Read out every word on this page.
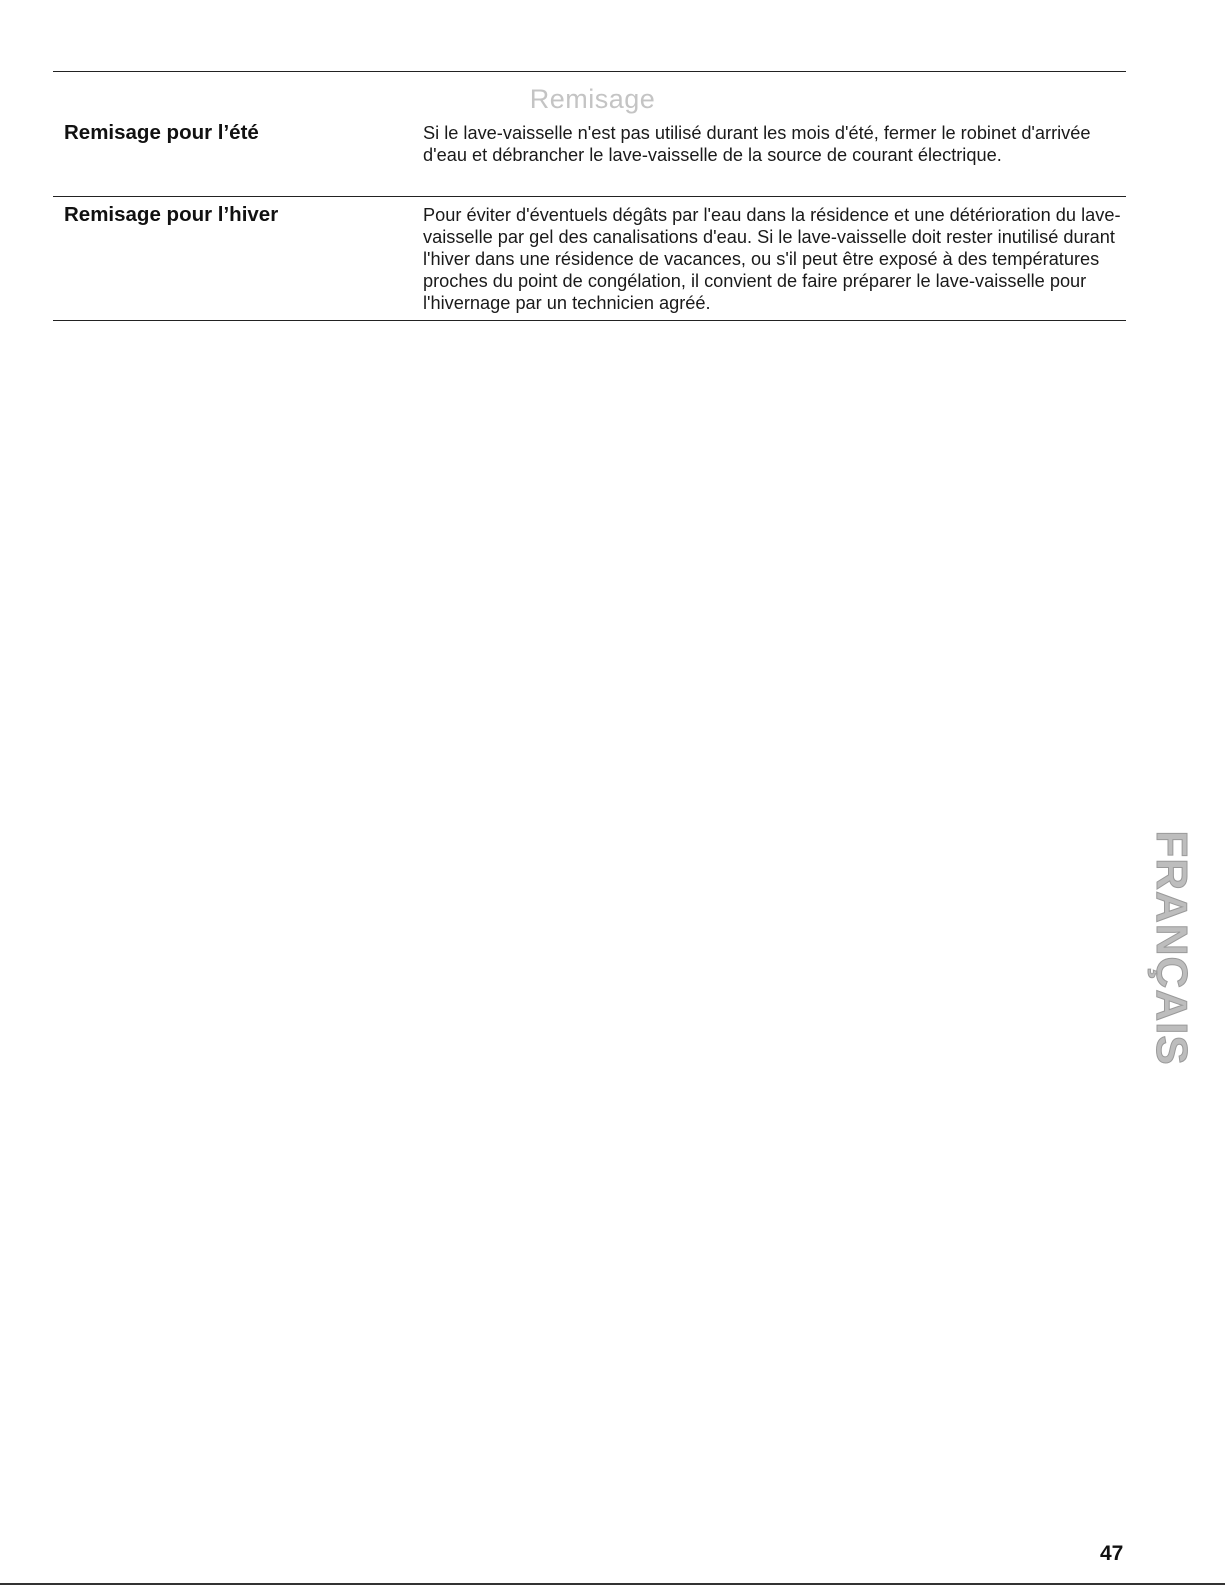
Remisage
Remisage pour l’été	Si le lave-vaisselle n'est pas utilisé durant les mois d'été, fermer le robinet d'arrivée d'eau et débrancher le lave-vaisselle de la source de courant électrique.
Remisage pour l’hiver	Pour éviter d'éventuels dégâts par l'eau dans la résidence et une détérioration du lave-vaisselle par gel des canalisations d'eau. Si le lave-vaisselle doit rester inutilisé durant l'hiver dans une résidence de vacances, ou s'il peut être exposé à des températures proches du point de congélation, il convient de faire préparer le lave-vaisselle pour l'hivernage par un technicien agréé.
FRANÇAIS
47
